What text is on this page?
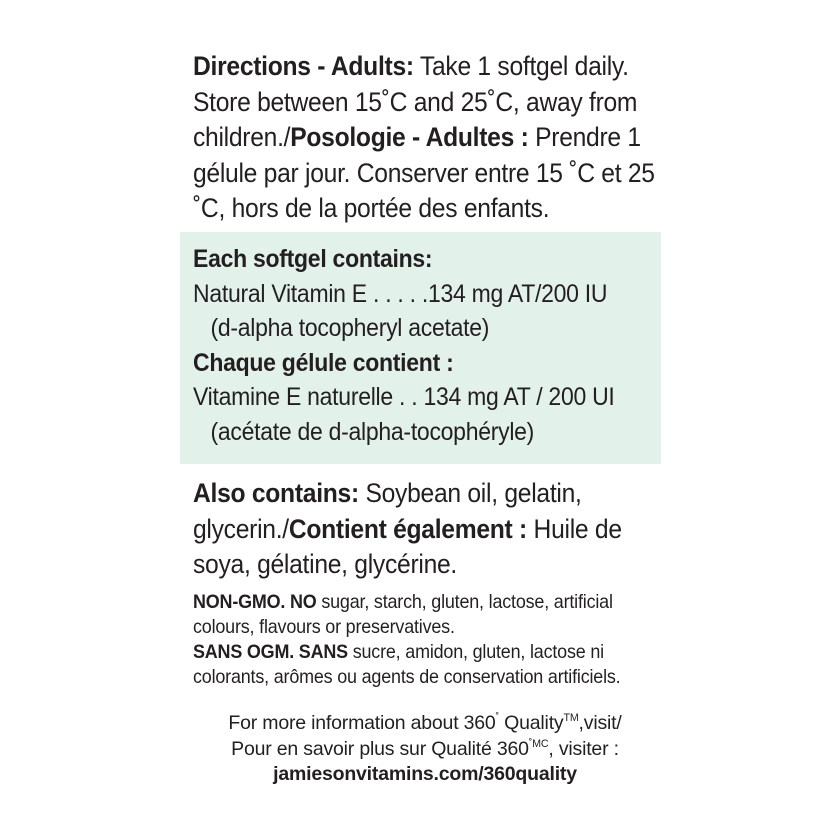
Directions - Adults: Take 1 softgel daily. Store between 15˚C and 25˚C, away from children./Posologie - Adultes : Prendre 1 gélule par jour. Conserver entre 15 ˚C et 25 ˚C, hors de la portée des enfants.
Each softgel contains:
Natural Vitamin E . . . . .134 mg AT/200 IU
(d-alpha tocopheryl acetate)
Chaque gélule contient :
Vitamine E naturelle . . 134 mg AT / 200 UI
(acétate de d-alpha-tocophéryle)
Also contains: Soybean oil, gelatin, glycerin./Contient également : Huile de soya, gélatine, glycérine.
NON-GMO. NO sugar, starch, gluten, lactose, artificial
colours, flavours or preservatives.
SANS OGM. SANS sucre, amidon, gluten, lactose ni
colorants, arômes ou agents de conservation artificiels.
For more information about 360˚ Quality™,visit/
Pour en savoir plus sur Qualité $360^{˚MC}$, visiter :
jamiesonvitamins.com/360quality
